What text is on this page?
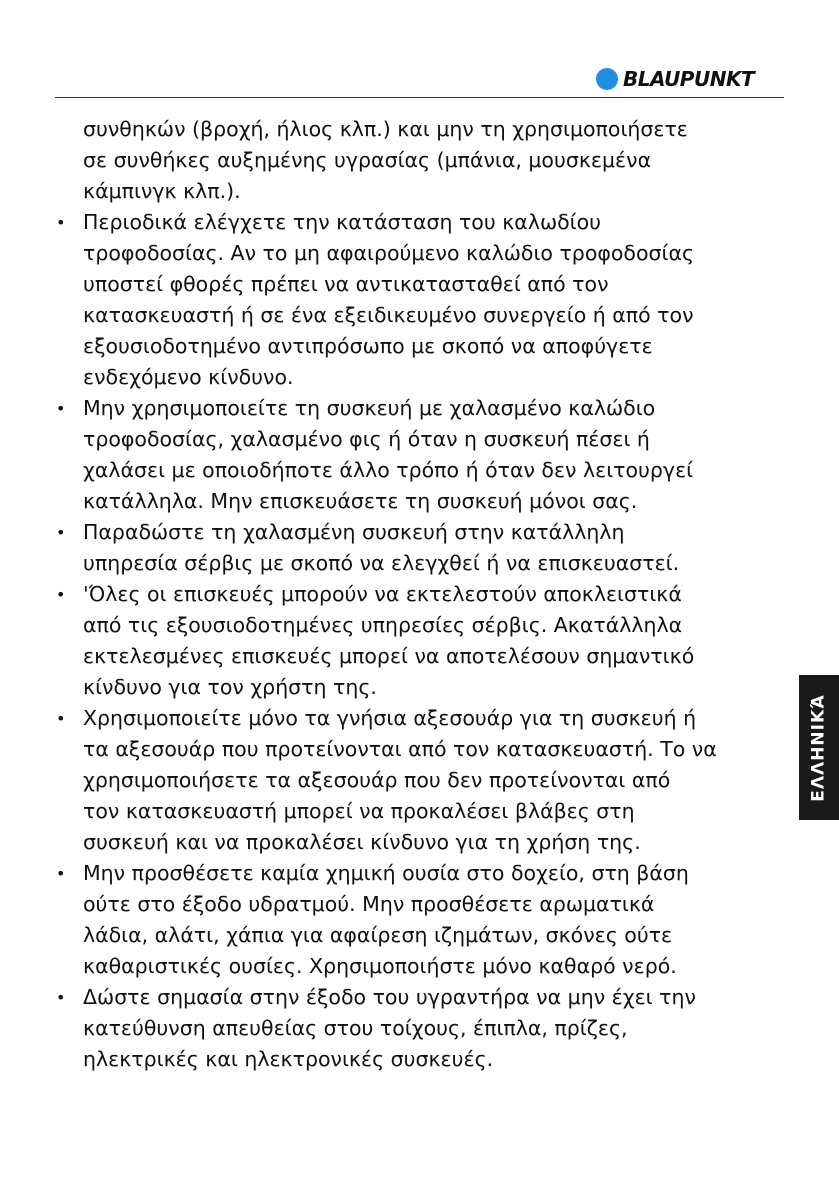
BLAUPUNKT
συνθηκών (βροχή, ήλιος κλπ.) και μην τη χρησιμοποιήσετε
σε συνθήκες αυξημένης υγρασίας (μπάνια, μουσκεμένα
κάμπινγκ κλπ.).
• Περιοδικά ελέγχετε την κατάσταση του καλωδίου
τροφοδοσίας. Αν το μη αφαιρούμενο καλώδιο τροφοδοσίας
υποστεί φθορές πρέπει να αντικατασταθεί από τον
κατασκευαστή ή σε ένα εξειδικευμένο συνεργείο ή από τον
εξουσιοδοτημένο αντιπρόσωπο με σκοπό να αποφύγετε
ενδεχόμενο κίνδυνο.
• Μην χρησιμοποιείτε τη συσκευή με χαλασμένο καλώδιο
τροφοδοσίας, χαλασμένο φις ή όταν η συσκευή πέσει ή
χαλάσει με οποιοδήποτε άλλο τρόπο ή όταν δεν λειτουργεί
κατάλληλα. Μην επισκευάσετε τη συσκευή μόνοι σας.
• Παραδώστε τη χαλασμένη συσκευή στην κατάλληλη
υπηρεσία σέρβις με σκοπό να ελεγχθεί ή να επισκευαστεί.
• 'Όλες οι επισκευές μπορούν να εκτελεστούν αποκλειστικά
από τις εξουσιοδοτημένες υπηρεσίες σέρβις. Ακατάλληλα
εκτελεσμένες επισκευές μπορεί να αποτελέσουν σημαντικό
κίνδυνο για τον χρήστη της.
• Χρησιμοποιείτε μόνο τα γνήσια αξεσουάρ για τη συσκευή ή
τα αξεσουάρ που προτείνονται από τον κατασκευαστή. Το να
χρησιμοποιήσετε τα αξεσουάρ που δεν προτείνονται από
τον κατασκευαστή μπορεί να προκαλέσει βλάβες στη
συσκευή και να προκαλέσει κίνδυνο για τη χρήση της.
• Μην προσθέσετε καμία χημική ουσία στο δοχείο, στη βάση
ούτε στο έξοδο υδρατμού. Μην προσθέσετε αρωματικά
λάδια, αλάτι, χάπια για αφαίρεση ιζημάτων, σκόνες ούτε
καθαριστικές ουσίες. Χρησιμοποιήστε μόνο καθαρό νερό.
• Δώστε σημασία στην έξοδο του υγραντήρα να μην έχει την
κατεύθυνση απευθείας στου τοίχους, έπιπλα, πρίζες,
ηλεκτρικές και ηλεκτρονικές συσκευές.
ΕΛΛΗΝΙΚΆ
